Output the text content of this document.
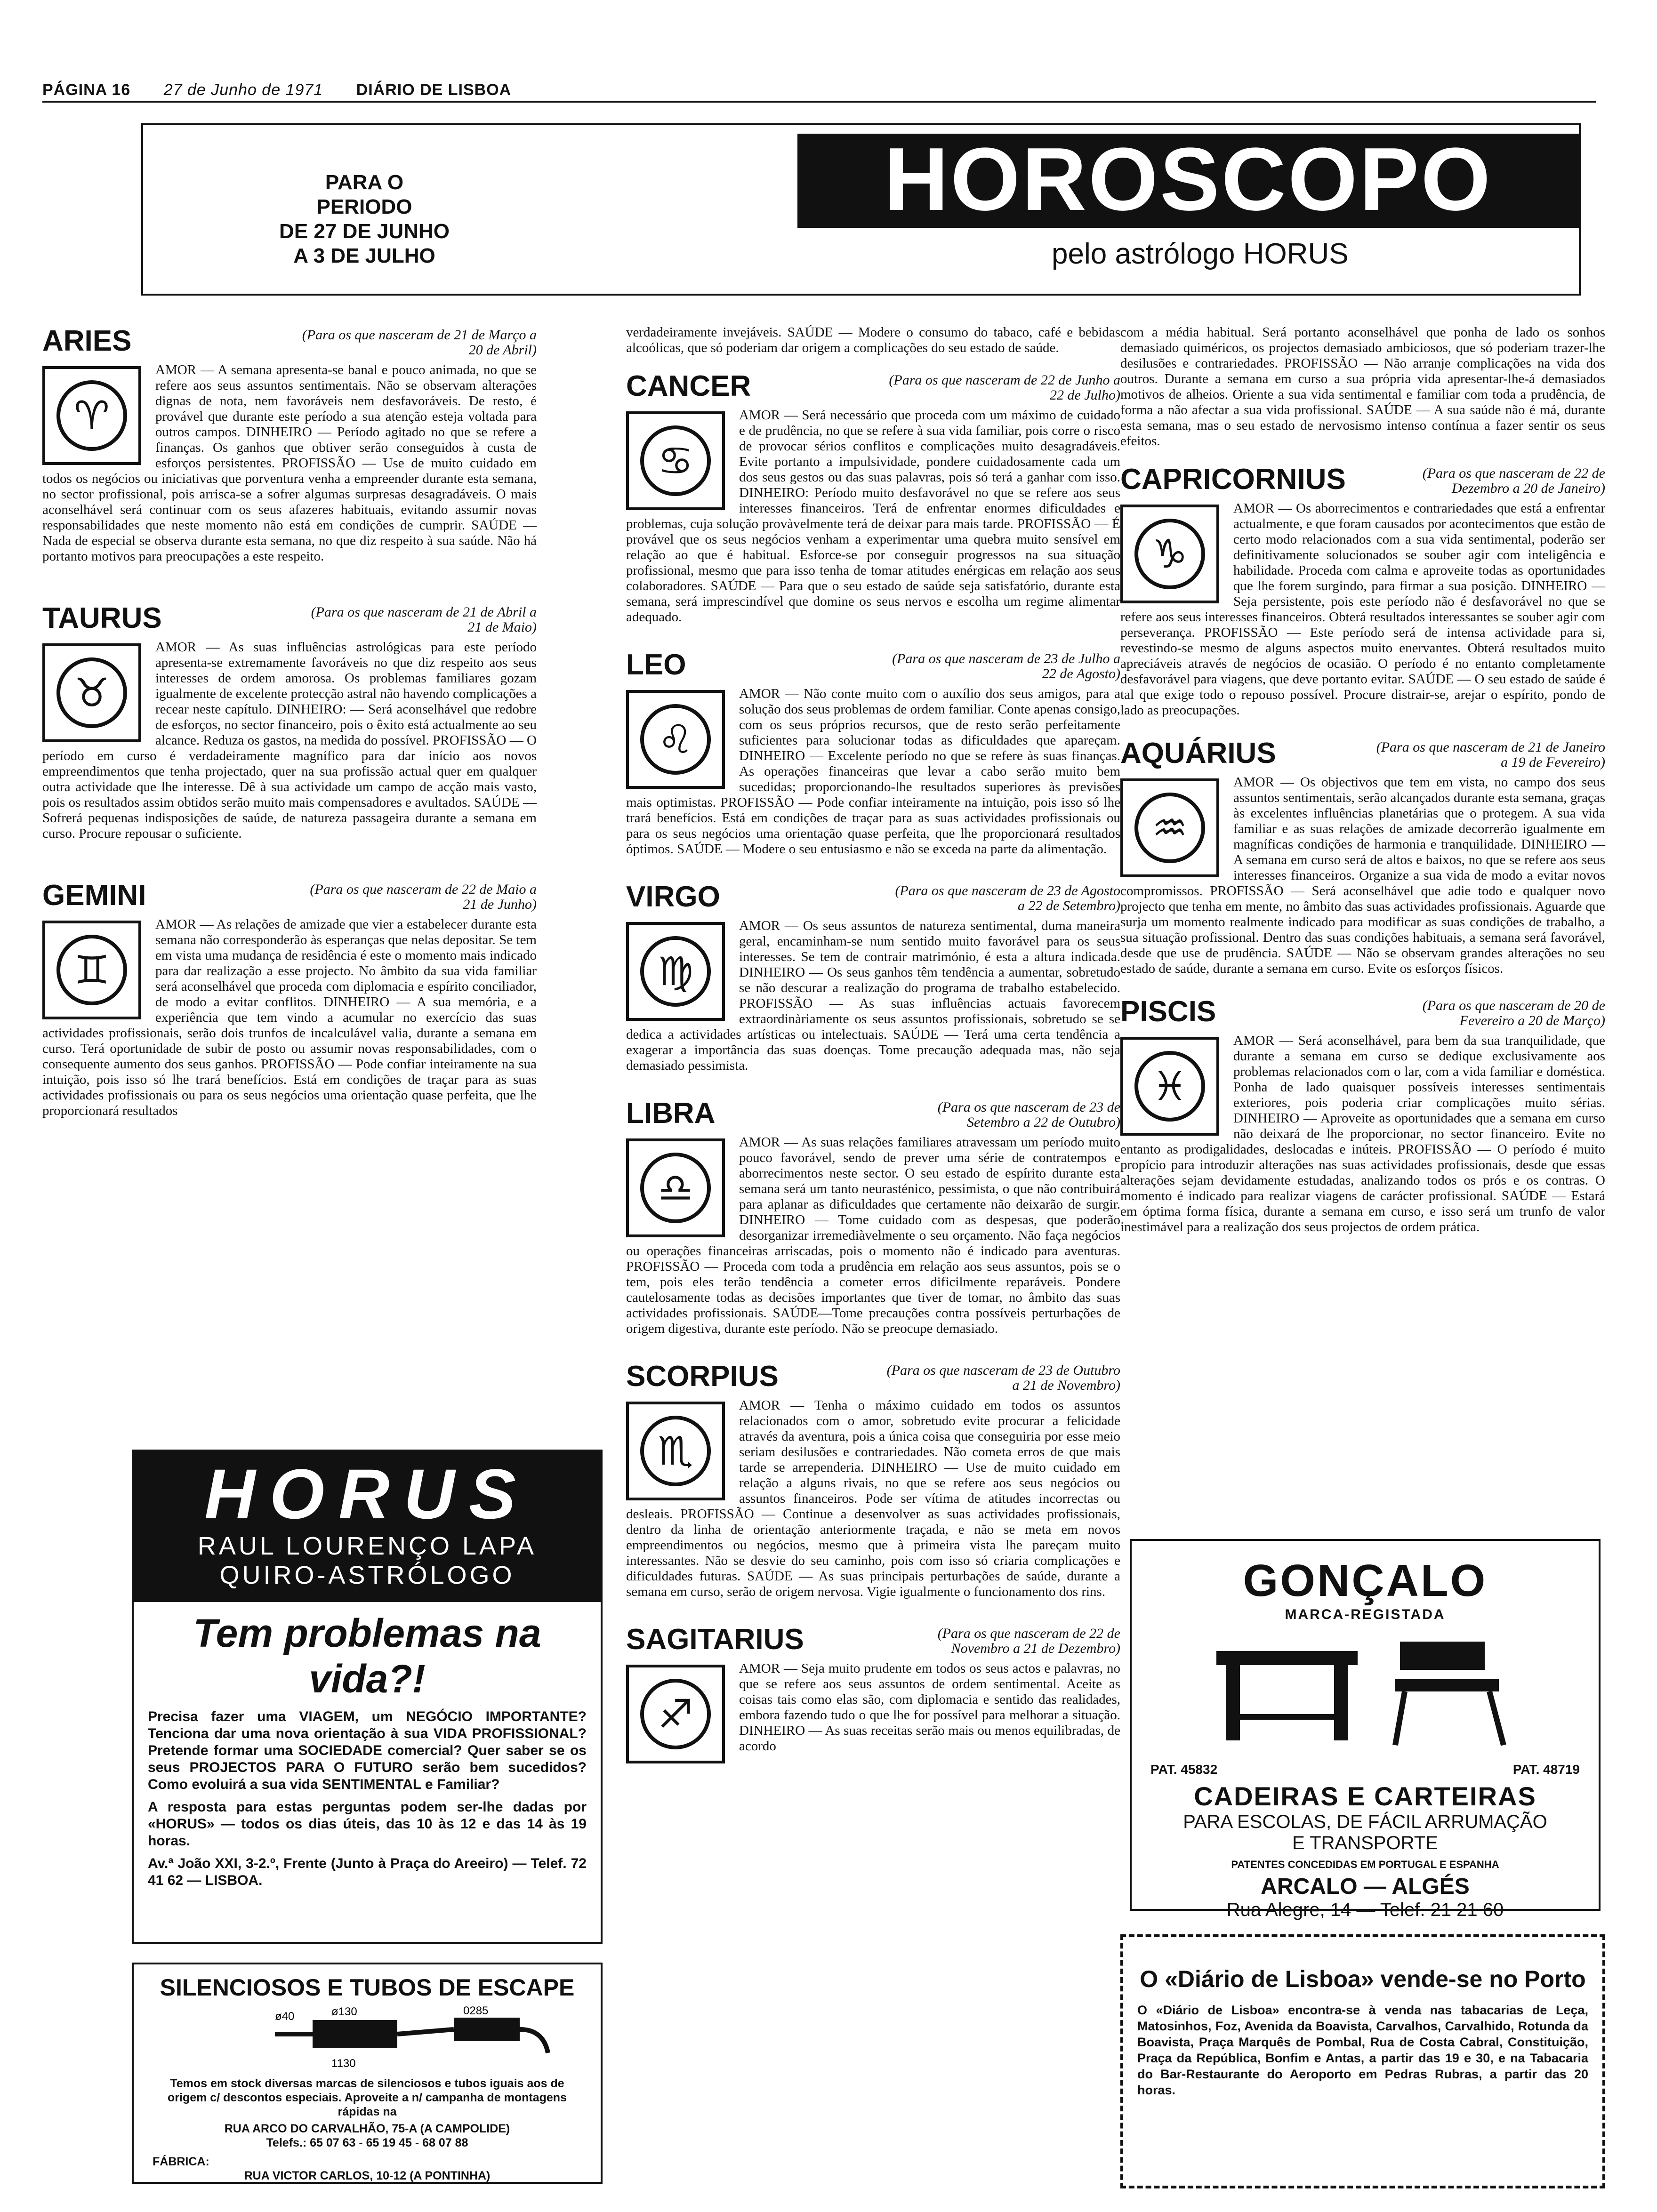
PÁGINA 16 27 de Junho de 1971 DIÁRIO DE LISBOA
PARA O PERIODO
DE 27 DE JUNHO
A 3 DE JULHO
HOROSCOPO
pelo astrólogo HORUS
ARIES	(Para os que nasceram de 21 de Março a 20 de Abril)
♈
AMOR — A semana apresenta-se banal e pouco animada, no que se refere aos seus assuntos sentimentais. Não se observam alterações dignas de nota, nem favoráveis nem desfavoráveis. De resto, é provável que durante este período a sua atenção esteja voltada para outros campos. DINHEIRO — Período agitado no que se refere a finanças. Os ganhos que obtiver serão conseguidos à custa de esforços persistentes. PROFISSÃO — Use de muito cuidado em todos os negócios ou iniciativas que porventura venha a empreender durante esta semana, no sector profissional, pois arrisca-se a sofrer algumas surpresas desagradáveis. O mais aconselhável será continuar com os seus afazeres habituais, evitando assumir novas responsabilidades que neste momento não está em condições de cumprir. SAÚDE — Nada de especial se observa durante esta semana, no que diz respeito à sua saúde. Não há portanto motivos para preocupações a este respeito.
TAURUS	(Para os que nasceram de 21 de Abril a 21 de Maio)
♉
AMOR — As suas influências astrológicas para este período apresenta-se extremamente favoráveis no que diz respeito aos seus interesses de ordem amorosa. Os problemas familiares gozam igualmente de excelente protecção astral não havendo complicações a recear neste capítulo. DINHEIRO: — Será aconselhável que redobre de esforços, no sector financeiro, pois o êxito está actualmente ao seu alcance. Reduza os gastos, na medida do possível. PROFISSÃO — O período em curso é verdadeiramente magnífico para dar início aos novos empreendimentos que tenha projectado, quer na sua profissão actual quer em qualquer outra actividade que lhe interesse. Dê à sua actividade um campo de acção mais vasto, pois os resultados assim obtidos serão muito mais compensadores e avultados. SAÚDE — Sofrerá pequenas indisposições de saúde, de natureza passageira durante a semana em curso. Procure repousar o suficiente.
GEMINI	(Para os que nasceram de 22 de Maio a 21 de Junho)
♊
AMOR — As relações de amizade que vier a estabelecer durante esta semana não corresponderão às esperanças que nelas depositar. Se tem em vista uma mudança de residência é este o momento mais indicado para dar realização a esse projecto. No âmbito da sua vida familiar será aconselhável que proceda com diplomacia e espírito conciliador, de modo a evitar conflitos. DINHEIRO — A sua memória, e a experiência que tem vindo a acumular no exercício das suas actividades profissionais, serão dois trunfos de incalculável valia, durante a semana em curso. Terá oportunidade de subir de posto ou assumir novas responsabilidades, com o consequente aumento dos seus ganhos. PROFISSÃO — Pode confiar inteiramente na sua intuição, pois isso só lhe trará benefícios. Está em condições de traçar para as suas actividades profissionais ou para os seus negócios uma orientação quase perfeita, que lhe proporcionará resultados
HORUS
RAUL LOURENÇO LAPA
QUIRO-ASTRÓLOGO
Tem problemas na vida?!
Precisa fazer uma VIAGEM, um NEGÓCIO IMPORTANTE? Tenciona dar uma nova orientação à sua VIDA PROFISSIONAL? Pretende formar uma SOCIEDADE comercial? Quer saber se os seus PROJECTOS PARA O FUTURO serão bem sucedidos? Como evoluirá a sua vida SENTIMENTAL e Familiar?
A resposta para estas perguntas podem ser-lhe dadas por «HORUS» — todos os dias úteis, das 10 às 12 e das 14 às 19 horas.
Av.ª João XXI, 3-2.º, Frente (Junto à Praça do Areeiro) — Telef. 72 41 62 — LISBOA.
SILENCIOSOS E TUBOS DE ESCAPE
ø40	ø130	0285
1130
Temos em stock diversas marcas de silenciosos e tubos iguais aos de origem c/ descontos especiais. Aproveite a n/ campanha de montagens rápidas na
RUA ARCO DO CARVALHÃO, 75-A (A CAMPOLIDE)
Telefs.: 65 07 63 - 65 19 45 - 68 07 88
FÁBRICA:
RUA VICTOR CARLOS, 10-12 (A PONTINHA)
verdadeiramente invejáveis. SAÚDE — Modere o consumo do tabaco, café e bebidas alcoólicas, que só poderiam dar origem a complicações do seu estado de saúde.
CANCER	(Para os que nasceram de 22 de Junho a 22 de Julho)
♋
AMOR — Será necessário que proceda com um máximo de cuidado e de prudência, no que se refere à sua vida familiar, pois corre o risco de provocar sérios conflitos e complicações muito desagradáveis. Evite portanto a impulsividade, pondere cuidadosamente cada um dos seus gestos ou das suas palavras, pois só terá a ganhar com isso. DINHEIRO: Período muito desfavorável no que se refere aos seus interesses financeiros. Terá de enfrentar enormes dificuldades e problemas, cuja solução provàvelmente terá de deixar para mais tarde. PROFISSÃO — É provável que os seus negócios venham a experimentar uma quebra muito sensível em relação ao que é habitual. Esforce-se por conseguir progressos na sua situação profissional, mesmo que para isso tenha de tomar atitudes enérgicas em relação aos seus colaboradores. SAÚDE — Para que o seu estado de saúde seja satisfatório, durante esta semana, será imprescindível que domine os seus nervos e escolha um regime alimentar adequado.
LEO	(Para os que nasceram de 23 de Julho a 22 de Agosto)
♌
AMOR — Não conte muito com o auxílio dos seus amigos, para a solução dos seus problemas de ordem familiar. Conte apenas consigo, com os seus próprios recursos, que de resto serão perfeitamente suficientes para solucionar todas as dificuldades que apareçam. DINHEIRO — Excelente período no que se refere às suas finanças. As operações financeiras que levar a cabo serão muito bem sucedidas; proporcionando-lhe resultados superiores às previsões mais optimistas. PROFISSÃO — Pode confiar inteiramente na intuição, pois isso só lhe trará benefícios. Está em condições de traçar para as suas actividades profissionais ou para os seus negócios uma orientação quase perfeita, que lhe proporcionará resultados óptimos. SAÚDE — Modere o seu entusiasmo e não se exceda na parte da alimentação.
VIRGO	(Para os que nasceram de 23 de Agosto a 22 de Setembro)
♍
AMOR — Os seus assuntos de natureza sentimental, duma maneira geral, encaminham-se num sentido muito favorável para os seus interesses. Se tem de contrair matrimónio, é esta a altura indicada. DINHEIRO — Os seus ganhos têm tendência a aumentar, sobretudo se não descurar a realização do programa de trabalho estabelecido. PROFISSÃO — As suas influências actuais favorecem extraordinàriamente os seus assuntos profissionais, sobretudo se se dedica a actividades artísticas ou intelectuais. SAÚDE — Terá uma certa tendência a exagerar a importância das suas doenças. Tome precaução adequada mas, não seja demasiado pessimista.
LIBRA	(Para os que nasceram de 23 de Setembro a 22 de Outubro)
♎
AMOR — As suas relações familiares atravessam um período muito pouco favorável, sendo de prever uma série de contratempos e aborrecimentos neste sector. O seu estado de espírito durante esta semana será um tanto neurasténico, pessimista, o que não contribuirá para aplanar as dificuldades que certamente não deixarão de surgir. DINHEIRO — Tome cuidado com as despesas, que poderão desorganizar irremediàvelmente o seu orçamento. Não faça negócios ou operações financeiras arriscadas, pois o momento não é indicado para aventuras. PROFISSÃO — Proceda com toda a prudência em relação aos seus assuntos, pois se o tem, pois eles terão tendência a cometer erros dificilmente reparáveis. Pondere cautelosamente todas as decisões importantes que tiver de tomar, no âmbito das suas actividades profissionais. SAÚDE—Tome precauções contra possíveis perturbações de origem digestiva, durante este período. Não se preocupe demasiado.
SCORPIUS	(Para os que nasceram de 23 de Outubro a 21 de Novembro)
♏
AMOR — Tenha o máximo cuidado em todos os assuntos relacionados com o amor, sobretudo evite procurar a felicidade através da aventura, pois a única coisa que conseguiria por esse meio seriam desilusões e contrariedades. Não cometa erros de que mais tarde se arrependeria. DINHEIRO — Use de muito cuidado em relação a alguns rivais, no que se refere aos seus negócios ou assuntos financeiros. Pode ser vítima de atitudes incorrectas ou desleais. PROFISSÃO — Continue a desenvolver as suas actividades profissionais, dentro da linha de orientação anteriormente traçada, e não se meta em novos empreendimentos ou negócios, mesmo que à primeira vista lhe pareçam muito interessantes. Não se desvie do seu caminho, pois com isso só criaria complicações e dificuldades futuras. SAÚDE — As suas principais perturbações de saúde, durante a semana em curso, serão de origem nervosa. Vigie igualmente o funcionamento dos rins.
SAGITARIUS	(Para os que nasceram de 22 de Novembro a 21 de Dezembro)
♐
AMOR — Seja muito prudente em todos os seus actos e palavras, no que se refere aos seus assuntos de ordem sentimental. Aceite as coisas tais como elas são, com diplomacia e sentido das realidades, embora fazendo tudo o que lhe for possível para melhorar a situação. DINHEIRO — As suas receitas serão mais ou menos equilibradas, de acordo
com a média habitual. Será portanto aconselhável que ponha de lado os sonhos demasiado quiméricos, os projectos demasiado ambiciosos, que só poderiam trazer-lhe desilusões e contrariedades. PROFISSÃO — Não arranje complicações na vida dos outros. Durante a semana em curso a sua própria vida apresentar-lhe-á demasiados motivos de alheios. Oriente a sua vida sentimental e familiar com toda a prudência, de forma a não afectar a sua vida profissional. SAÚDE — A sua saúde não é má, durante esta semana, mas o seu estado de nervosismo intenso contínua a fazer sentir os seus efeitos.
CAPRICORNIUS	(Para os que nasceram de 22 de Dezembro a 20 de Janeiro)
♑
AMOR — Os aborrecimentos e contrariedades que está a enfrentar actualmente, e que foram causados por acontecimentos que estão de certo modo relacionados com a sua vida sentimental, poderão ser definitivamente solucionados se souber agir com inteligência e habilidade. Proceda com calma e aproveite todas as oportunidades que lhe forem surgindo, para firmar a sua posição. DINHEIRO — Seja persistente, pois este período não é desfavorável no que se refere aos seus interesses financeiros. Obterá resultados interessantes se souber agir com perseverança. PROFISSÃO — Este período será de intensa actividade para si, revestindo-se mesmo de alguns aspectos muito enervantes. Obterá resultados muito apreciáveis através de negócios de ocasião. O período é no entanto completamente desfavorável para viagens, que deve portanto evitar. SAÚDE — O seu estado de saúde é tal que exige todo o repouso possível. Procure distrair-se, arejar o espírito, pondo de lado as preocupações.
AQUÁRIUS	(Para os que nasceram de 21 de Janeiro a 19 de Fevereiro)
♒
AMOR — Os objectivos que tem em vista, no campo dos seus assuntos sentimentais, serão alcançados durante esta semana, graças às excelentes influências planetárias que o protegem. A sua vida familiar e as suas relações de amizade decorrerão igualmente em magníficas condições de harmonia e tranquilidade. DINHEIRO — A semana em curso será de altos e baixos, no que se refere aos seus interesses financeiros. Organize a sua vida de modo a evitar novos compromissos. PROFISSÃO — Será aconselhável que adie todo e qualquer novo projecto que tenha em mente, no âmbito das suas actividades profissionais. Aguarde que surja um momento realmente indicado para modificar as suas condições de trabalho, a sua situação profissional. Dentro das suas condições habituais, a semana será favorável, desde que use de prudência. SAÚDE — Não se observam grandes alterações no seu estado de saúde, durante a semana em curso. Evite os esforços físicos.
PISCIS	(Para os que nasceram de 20 de Fevereiro a 20 de Março)
♓
AMOR — Será aconselhável, para bem da sua tranquilidade, que durante a semana em curso se dedique exclusivamente aos problemas relacionados com o lar, com a vida familiar e doméstica. Ponha de lado quaisquer possíveis interesses sentimentais exteriores, pois poderia criar complicações muito sérias. DINHEIRO — Aproveite as oportunidades que a semana em curso não deixará de lhe proporcionar, no sector financeiro. Evite no entanto as prodigalidades, deslocadas e inúteis. PROFISSÃO — O período é muito propício para introduzir alterações nas suas actividades profissionais, desde que essas alterações sejam devidamente estudadas, analizando todos os prós e os contras. O momento é indicado para realizar viagens de carácter profissional. SAÚDE — Estará em óptima forma física, durante a semana em curso, e isso será um trunfo de valor inestimável para a realização dos seus projectos de ordem prática.
GONÇALO
MARCA-REGISTADA
PAT. 45832	PAT. 48719
CADEIRAS E CARTEIRAS
PARA ESCOLAS, DE FÁCIL ARRUMAÇÃO
E TRANSPORTE
PATENTES CONCEDIDAS EM PORTUGAL E ESPANHA
ARCALO — ALGÉS
Rua Alegre, 14 — Telef. 21 21 60
O «Diário de Lisboa» vende-se no Porto
O «Diário de Lisboa» encontra-se à venda nas tabacarias de Leça, Matosinhos, Foz, Avenida da Boavista, Carvalhos, Carvalhido, Rotunda da Boavista, Praça Marquês de Pombal, Rua de Costa Cabral, Constituição, Praça da República, Bonfim e Antas, a partir das 19 e 30, e na Tabacaria do Bar-Restaurante do Aeroporto em Pedras Rubras, a partir das 20 horas.
